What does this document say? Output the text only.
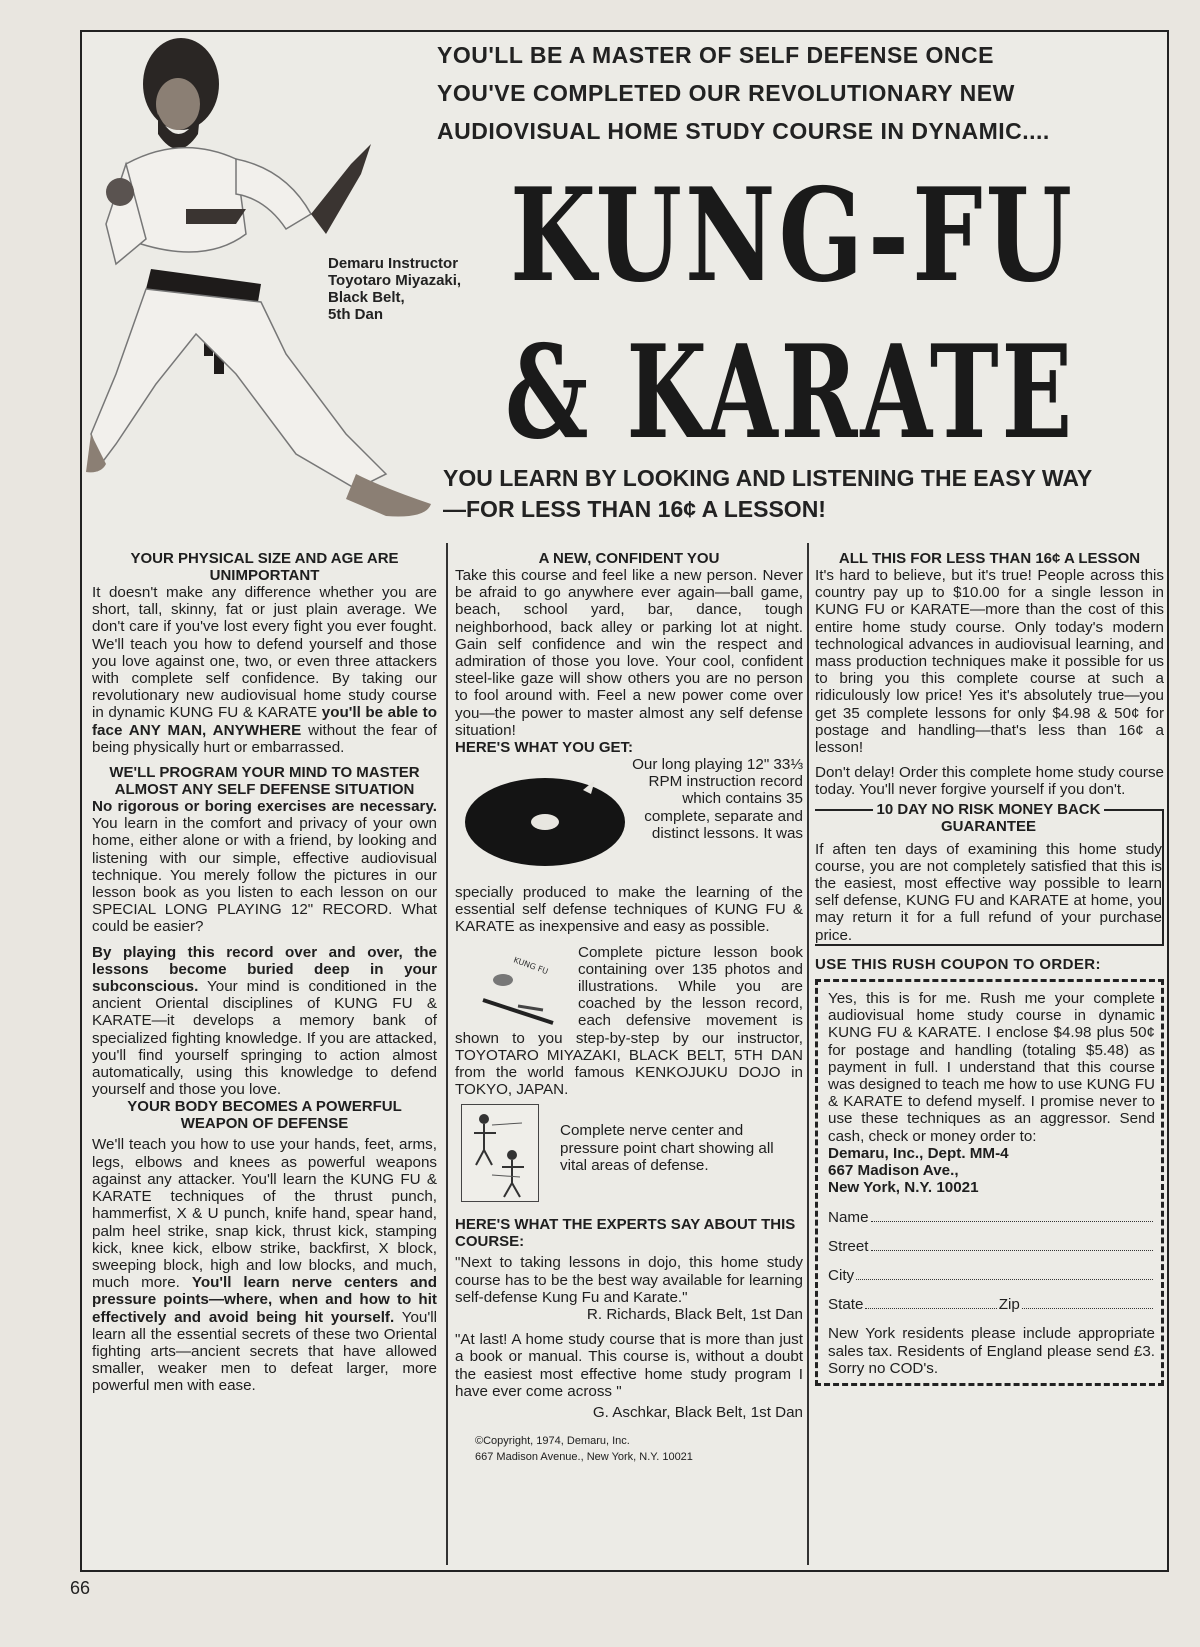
Demaru Instructor
Toyotaro Miyazaki,
Black Belt,
5th Dan
YOU'LL BE A MASTER OF SELF DEFENSE ONCE
YOU'VE COMPLETED OUR REVOLUTIONARY NEW
AUDIOVISUAL HOME STUDY COURSE IN DYNAMIC....
KUNG-FU
& KARATE
YOU LEARN BY LOOKING AND LISTENING THE EASY WAY
—FOR LESS THAN 16¢ A LESSON!

YOUR PHYSICAL SIZE AND AGE ARE UNIMPORTANT

It doesn't make any difference whether you are short, tall, skinny, fat or just plain average. We don't care if you've lost every fight you ever fought. We'll teach you how to defend yourself and those you love against one, two, or even three attackers with complete self confidence. By taking our revolutionary new audiovisual home study course in dynamic KUNG FU & KARATE you'll be able to face ANY MAN, ANYWHERE without the fear of being physically hurt or embarrassed.

WE'LL PROGRAM YOUR MIND TO MASTER ALMOST ANY SELF DEFENSE SITUATION

No rigorous or boring exercises are necessary. You learn in the comfort and privacy of your own home, either alone or with a friend, by looking and listening with our simple, effective audiovisual technique. You merely follow the pictures in our lesson book as you listen to each lesson on our SPECIAL LONG PLAYING 12" RECORD. What could be easier?

By playing this record over and over, the lessons become buried deep in your subconscious. Your mind is conditioned in the ancient Oriental disciplines of KUNG FU & KARATE—it develops a memory bank of specialized fighting knowledge. If you are attacked, you'll find yourself springing to action almost automatically, using this knowledge to defend yourself and those you love.

YOUR BODY BECOMES A POWERFUL WEAPON OF DEFENSE

We'll teach you how to use your hands, feet, arms, legs, elbows and knees as powerful weapons against any attacker. You'll learn the KUNG FU & KARATE techniques of the thrust punch, hammerfist, X & U punch, knife hand, spear hand, palm heel strike, snap kick, thrust kick, stamping kick, knee kick, elbow strike, backfirst, X block, sweeping block, high and low blocks, and much, much more. You'll learn nerve centers and pressure points—where, when and how to hit effectively and avoid being hit yourself. You'll learn all the essential secrets of these two Oriental fighting arts—ancient secrets that have allowed smaller, weaker men to defeat larger, more powerful men with ease.

A NEW, CONFIDENT YOU

Take this course and feel like a new person. Never be afraid to go anywhere ever again—ball game, beach, school yard, bar, dance, tough neighborhood, back alley or parking lot at night. Gain self confidence and win the respect and admiration of those you love. Your cool, confident steel-like gaze will show others you are no person to fool around with. Feel a new power come over you—the power to master almost any self defense situation!

HERE'S WHAT YOU GET:

Our long playing 12" 33⅓ RPM instruction record which contains 35 complete, separate and distinct lessons. It was

specially produced to make the learning of the essential self defense techniques of KUNG FU & KARATE as inexpensive and easy as possible.

KUNG FU

Complete picture lesson book containing over 135 photos and illustrations. While you are coached by the lesson record, each defensive movement is shown to you step-by-step by our instructor, TOYOTARO MIYAZAKI, BLACK BELT, 5TH DAN from the world famous KENKOJUKU DOJO in TOKYO, JAPAN.

Complete nerve center and pressure point chart showing all vital areas of defense.

HERE'S WHAT THE EXPERTS SAY ABOUT THIS COURSE:

"Next to taking lessons in dojo, this home study course has to be the best way available for learning self-defense Kung Fu and Karate."

R. Richards, Black Belt, 1st Dan

"At last! A home study course that is more than just a book or manual. This course is, without a doubt the easiest most effective home study program I have ever come across "

G. Aschkar, Black Belt, 1st Dan

©Copyright, 1974, Demaru, Inc.
667 Madison Avenue., New York, N.Y. 10021

ALL THIS FOR LESS THAN 16¢ A LESSON

It's hard to believe, but it's true! People across this country pay up to $10.00 for a single lesson in KUNG FU or KARATE—more than the cost of this entire home study course. Only today's modern technological advances in audiovisual learning, and mass production techniques make it possible for us to bring you this complete course at such a ridiculously low price! Yes it's absolutely true—you get 35 complete lessons for only $4.98 & 50¢ for postage and handling—that's less than 16¢ a lesson!

Don't delay! Order this complete home study course today. You'll never forgive yourself if you don't.

10 DAY NO RISK MONEY BACK
GUARANTEE

If aften ten days of examining this home study course, you are not completely satisfied that this is the easiest, most effective way possible to learn self defense, KUNG FU and KARATE at home, you may return it for a full refund of your purchase price.

USE THIS RUSH COUPON TO ORDER:

Yes, this is for me. Rush me your complete audiovisual home study course in dynamic KUNG FU & KARATE. I enclose $4.98 plus 50¢ for postage and handling (totaling $5.48) as payment in full. I understand that this course was designed to teach me how to use KUNG FU & KARATE to defend myself. I promise never to use these techniques as an aggressor. Send cash, check or money order to:

Demaru, Inc., Dept. MM-4
667 Madison Ave.,
New York, N.Y. 10021
Name
Street
City
State	Zip

New York residents please include appropriate sales tax. Residents of England please send £3. Sorry no COD's.

66
